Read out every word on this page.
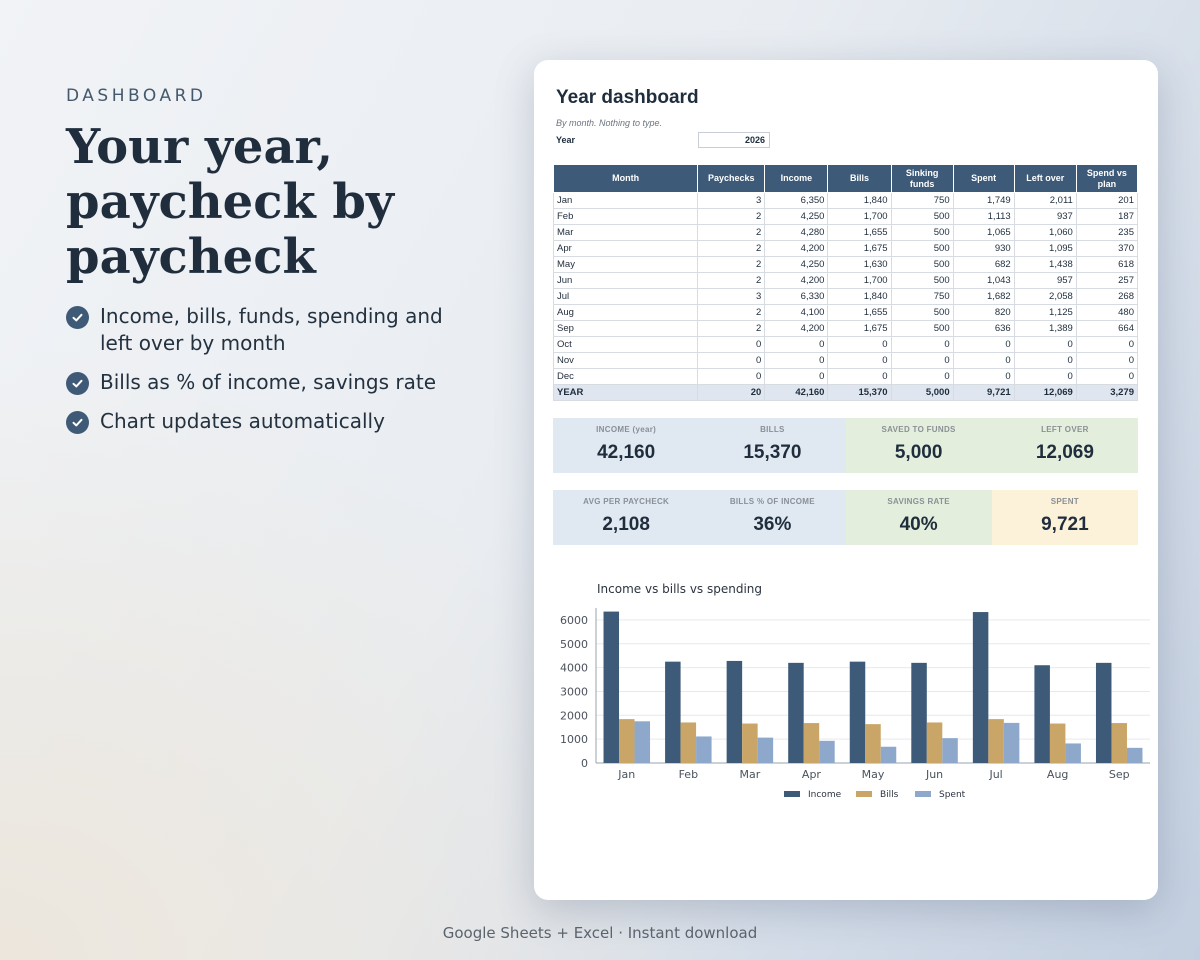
DASHBOARD
Your year,
paycheck by
paycheck
Income, bills, funds, spending and left over by month
Bills as % of income, savings rate
Chart updates automatically
Year dashboard
By month. Nothing to type.
Year	2026
Month	Paychecks	Income	Bills	Sinking funds	Spent	Left over	Spend vs plan
Jan	3	6,350	1,840	750	1,749	2,011	201
Feb	2	4,250	1,700	500	1,113	937	187
Mar	2	4,280	1,655	500	1,065	1,060	235
Apr	2	4,200	1,675	500	930	1,095	370
May	2	4,250	1,630	500	682	1,438	618
Jun	2	4,200	1,700	500	1,043	957	257
Jul	3	6,330	1,840	750	1,682	2,058	268
Aug	2	4,100	1,655	500	820	1,125	480
Sep	2	4,200	1,675	500	636	1,389	664
Oct	0	0	0	0	0	0	0
Nov	0	0	0	0	0	0	0
Dec	0	0	0	0	0	0	0
YEAR	20	42,160	15,370	5,000	9,721	12,069	3,279
INCOME (year)
42,160
BILLS
15,370
SAVED TO FUNDS
5,000
LEFT OVER
12,069
AVG PER PAYCHECK
2,108
BILLS % OF INCOME
36%
SAVINGS RATE
40%
SPENT
9,721
Income vs bills vs spending
0
1000
2000
3000
4000
5000
6000
Jan	Feb	Mar	Apr	May	Jun	Jul	Aug	Sep
Income	Bills	Spent
Google Sheets + Excel · Instant download
